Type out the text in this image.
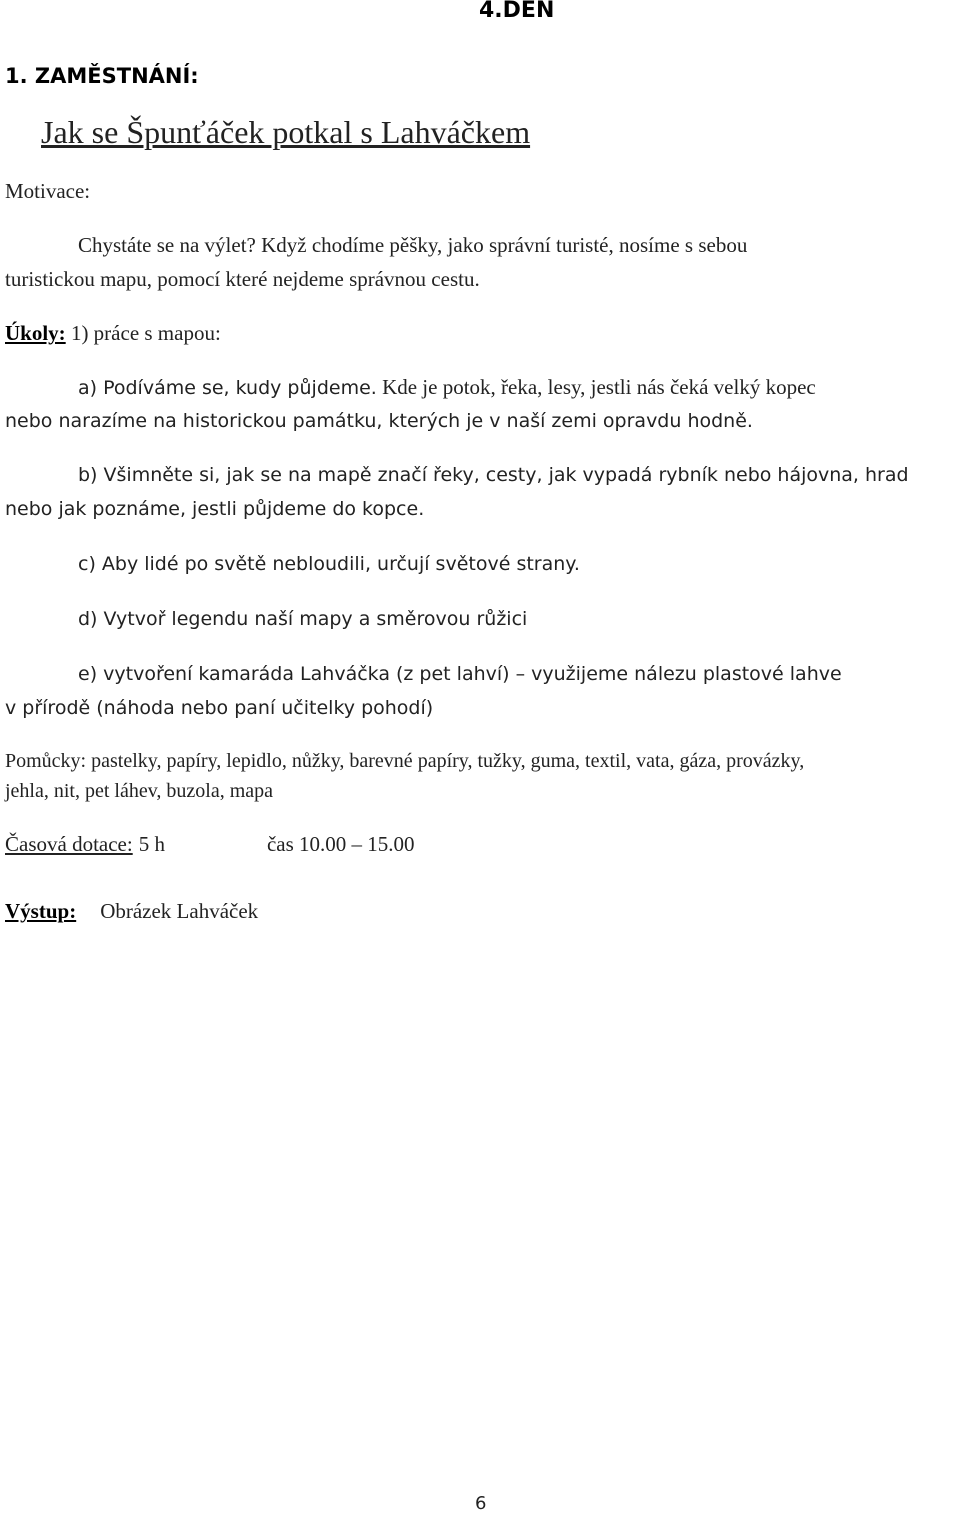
4.DEN
1. ZAMĚSTNÁNÍ:
Jak se Špunťáček potkal s Lahváčkem
Motivace:
Chystáte se na výlet? Když chodíme pěšky, jako správní turisté, nosíme s sebou
turistickou mapu, pomocí které nejdeme správnou cestu.
Úkoly: 1) práce s mapou:
a) Podíváme se, kudy půjdeme. Kde je potok, řeka, lesy, jestli nás čeká velký kopec
nebo narazíme na historickou památku, kterých je v naší zemi opravdu hodně.
b) Všimněte si, jak se na mapě značí řeky, cesty, jak vypadá rybník nebo hájovna, hrad
nebo jak poznáme, jestli půjdeme do kopce.
c) Aby lidé po světě nebloudili, určují světové strany.
d) Vytvoř legendu naší mapy a směrovou růžici
e) vytvoření kamaráda Lahváčka (z pet lahví) – využijeme nálezu plastové lahve
v přírodě (náhoda nebo paní učitelky pohodí)
Pomůcky: pastelky, papíry, lepidlo, nůžky, barevné papíry, tužky, guma, textil, vata, gáza, provázky,
jehla, nit, pet láhev, buzola, mapa
Časová dotace: 5 h	čas 10.00 – 15.00
Výstup: Obrázek Lahváček
6
